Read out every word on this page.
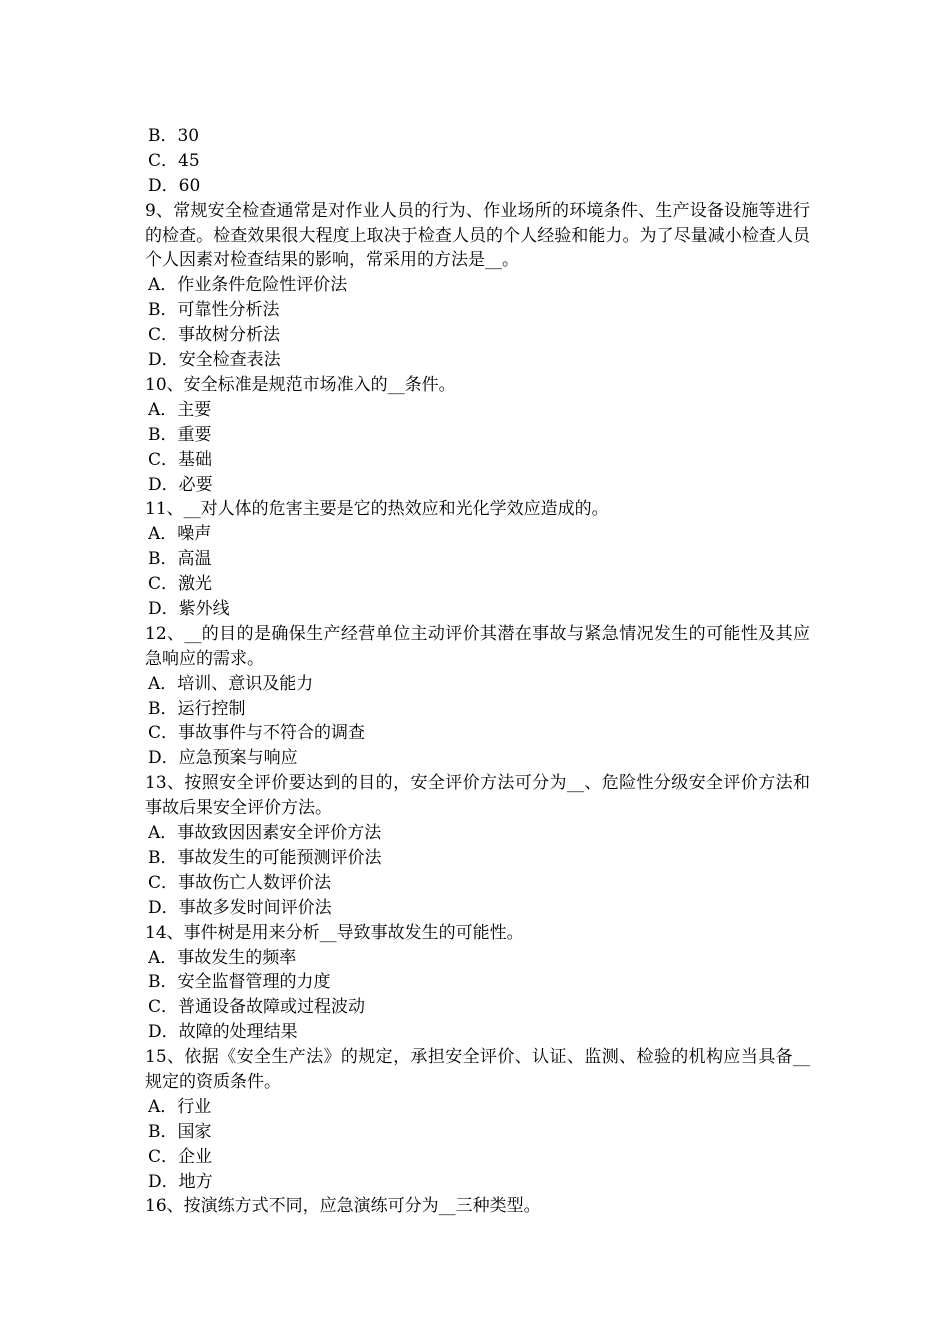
B．30
C．45
D．60
9、常规安全检查通常是对作业人员的行为、作业场所的环境条件、生产设备设施等进行的检查。检查效果很大程度上取决于检查人员的个人经验和能力。为了尽量减小检查人员个人因素对检查结果的影响，常采用的方法是__。
A．作业条件危险性评价法
B．可靠性分析法
C．事故树分析法
D．安全检查表法
10、安全标准是规范市场准入的__条件。
A．主要
B．重要
C．基础
D．必要
11、__对人体的危害主要是它的热效应和光化学效应造成的。
A．噪声
B．高温
C．激光
D．紫外线
12、__的目的是确保生产经营单位主动评价其潜在事故与紧急情况发生的可能性及其应急响应的需求。
A．培训、意识及能力
B．运行控制
C．事故事件与不符合的调查
D．应急预案与响应
13、按照安全评价要达到的目的，安全评价方法可分为__、危险性分级安全评价方法和事故后果安全评价方法。
A．事故致因因素安全评价方法
B．事故发生的可能预测评价法
C．事故伤亡人数评价法
D．事故多发时间评价法
14、事件树是用来分析__导致事故发生的可能性。
A．事故发生的频率
B．安全监督管理的力度
C．普通设备故障或过程波动
D．故障的处理结果
15、依据《安全生产法》的规定，承担安全评价、认证、监测、检验的机构应当具备__规定的资质条件。
A．行业
B．国家
C．企业
D．地方
16、按演练方式不同，应急演练可分为__三种类型。
